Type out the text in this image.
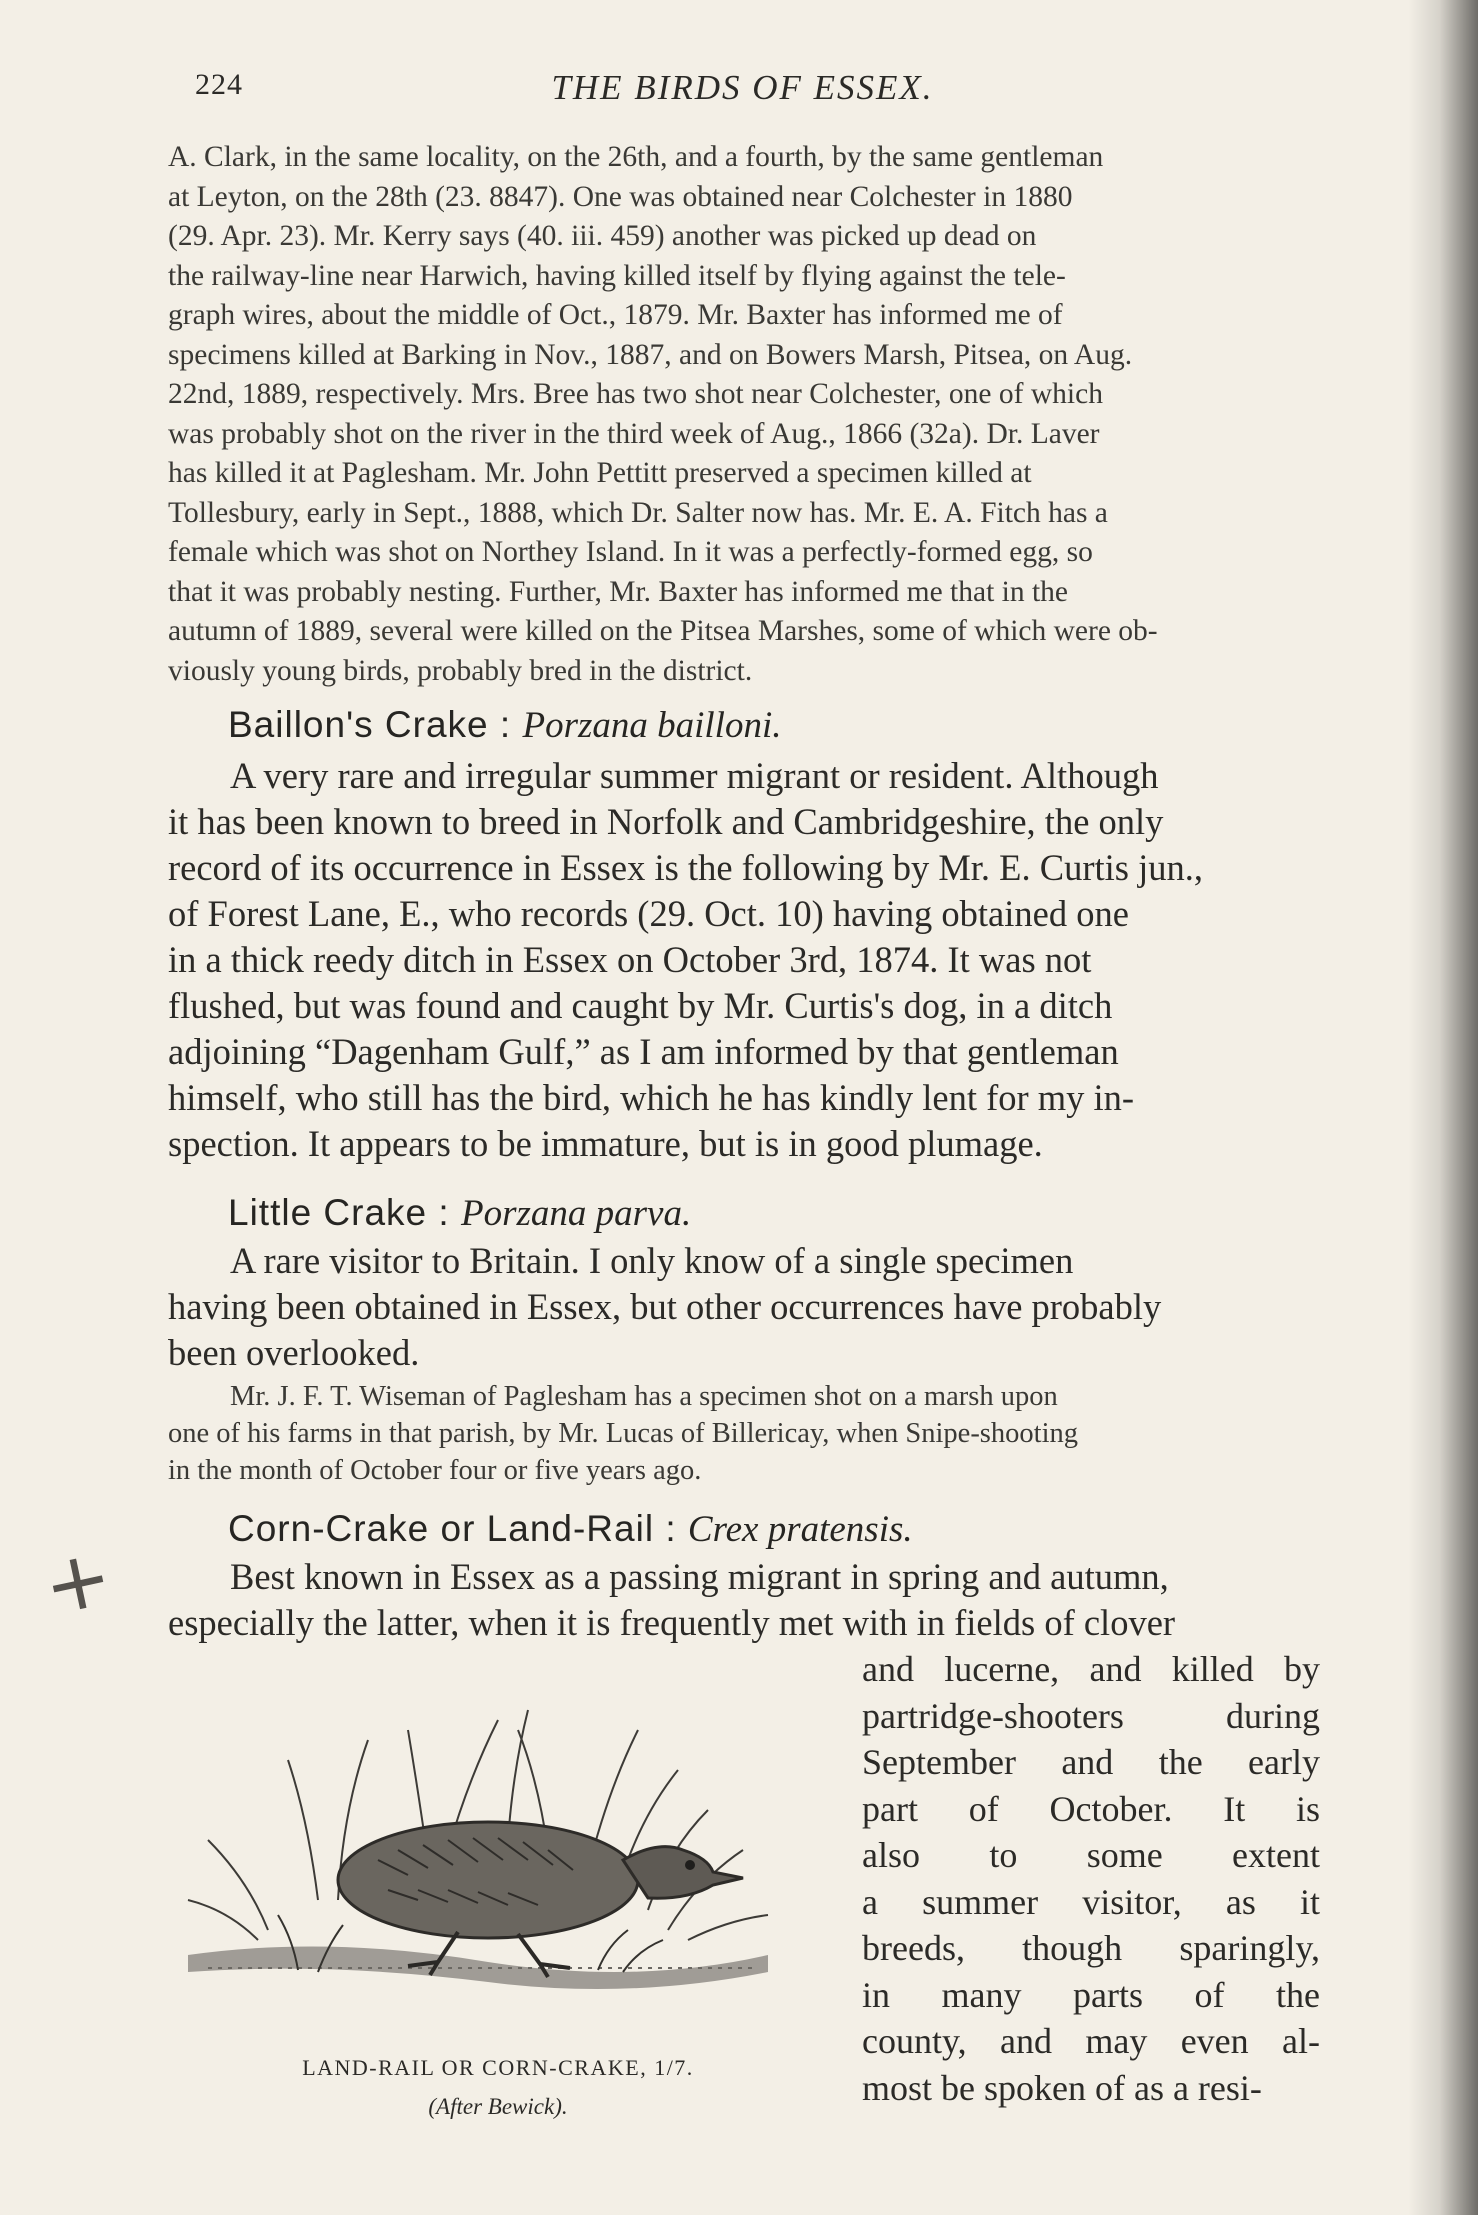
224	THE BIRDS OF ESSEX.
A. Clark, in the same locality, on the 26th, and a fourth, by the same gentleman
at Leyton, on the 28th (23. 8847). One was obtained near Colchester in 1880
(29. Apr. 23). Mr. Kerry says (40. iii. 459) another was picked up dead on
the railway-line near Harwich, having killed itself by flying against the tele-
graph wires, about the middle of Oct., 1879. Mr. Baxter has informed me of
specimens killed at Barking in Nov., 1887, and on Bowers Marsh, Pitsea, on Aug.
22nd, 1889, respectively. Mrs. Bree has two shot near Colchester, one of which
was probably shot on the river in the third week of Aug., 1866 (32a). Dr. Laver
has killed it at Paglesham. Mr. John Pettitt preserved a specimen killed at
Tollesbury, early in Sept., 1888, which Dr. Salter now has. Mr. E. A. Fitch has a
female which was shot on Northey Island. In it was a perfectly-formed egg, so
that it was probably nesting. Further, Mr. Baxter has informed me that in the
autumn of 1889, several were killed on the Pitsea Marshes, some of which were ob-
viously young birds, probably bred in the district.
Baillon's Crake : Porzana bailloni.
A very rare and irregular summer migrant or resident. Although
it has been known to breed in Norfolk and Cambridgeshire, the only
record of its occurrence in Essex is the following by Mr. E. Curtis jun.,
of Forest Lane, E., who records (29. Oct. 10) having obtained one
in a thick reedy ditch in Essex on October 3rd, 1874. It was not
flushed, but was found and caught by Mr. Curtis's dog, in a ditch
adjoining “Dagenham Gulf,” as I am informed by that gentleman
himself, who still has the bird, which he has kindly lent for my in-
spection. It appears to be immature, but is in good plumage.
Little Crake : Porzana parva.
A rare visitor to Britain. I only know of a single specimen
having been obtained in Essex, but other occurrences have probably
been overlooked.
Mr. J. F. T. Wiseman of Paglesham has a specimen shot on a marsh upon
one of his farms in that parish, by Mr. Lucas of Billericay, when Snipe-shooting
in the month of October four or five years ago.
+
Corn-Crake or Land-Rail : Crex pratensis.
Best known in Essex as a passing migrant in spring and autumn,
especially the latter, when it is frequently met with in fields of clover
and lucerne, and killed by
partridge-shooters during
September and the early
part of October. It is
also to some extent
a summer visitor, as it
breeds, though sparingly,
in many parts of the
county, and may even al-
most be spoken of as a resi-
LAND-RAIL OR CORN-CRAKE, 1/7.
(After Bewick).
